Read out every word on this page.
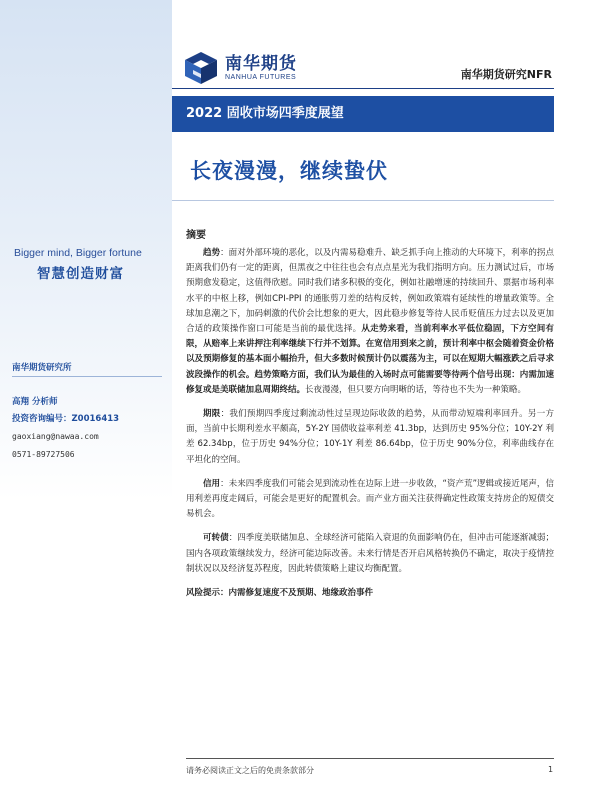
Bigger mind, Bigger fortune
智慧创造财富
南华期货研究所
高翔 分析师
投资咨询编号：Z0016413
gaoxiang@nawaa.com
0571-89727506
南华期货
NANHUA FUTURES	南华期货研究NFR
2022 固收市场四季度展望
长夜漫漫，继续蛰伏
摘要

趋势：面对外部环境的恶化，以及内需易稳难升、缺乏抓手向上推动的大环境下，利率的拐点距离我们仍有一定的距离，但黑夜之中往往也会有点点星光为我们指明方向。压力测试过后，市场预期愈发稳定，这值得欣慰。同时我们诸多积极的变化，例如社融增速的持续回升、票据市场利率水平的中枢上移，例如CPI-PPI 的通胀剪刀差的结构反转，例如政策端有延续性的增量政策等。全球加息潮之下，加码刺激的代价会比想象的更大，因此稳步修复等待人民币贬值压力过去以及更加合适的政策操作窗口可能是当前的最优选择。从走势来看，当前利率水平低位稳固，下方空间有限，从赔率上来讲押注利率继续下行并不划算。在宽信用到来之前，预计利率中枢会随着资金价格以及预期修复的基本面小幅抬升，但大多数时候预计仍以震荡为主，可以在短期大幅涨跌之后寻求波段操作的机会。趋势策略方面，我们认为最佳的入场时点可能需要等待两个信号出现：内需加速修复或是美联储加息周期终结。长夜漫漫，但只要方向明晰的话，等待也不失为一种策略。

期限：我们预期四季度过剩流动性过呈现边际收敛的趋势，从而带动短端利率回升。另一方面，当前中长期利差水平颇高，5Y-2Y 国债收益率利差 41.3bp，达到历史 95%分位；10Y-2Y 利差 62.34bp，位于历史 94%分位；10Y-1Y 利差 86.64bp，位于历史 90%分位，利率曲线存在平坦化的空间。

信用：未来四季度我们可能会见到流动性在边际上进一步收敛，“资产荒”逻辑或接近尾声，信用利差再度走阔后，可能会是更好的配置机会。而产业方面关注获得确定性政策支持房企的短债交易机会。

可转债：四季度美联储加息、全球经济可能陷入衰退的负面影响仍在，但冲击可能逐渐减弱；国内各项政策继续发力，经济可能边际改善。未来行情是否开启风格转换仍不确定，取决于疫情控制状况以及经济复苏程度，因此转债策略上建议均衡配置。

风险提示：内需修复速度不及预期、地缘政治事件

请务必阅读正文之后的免责条款部分	1
